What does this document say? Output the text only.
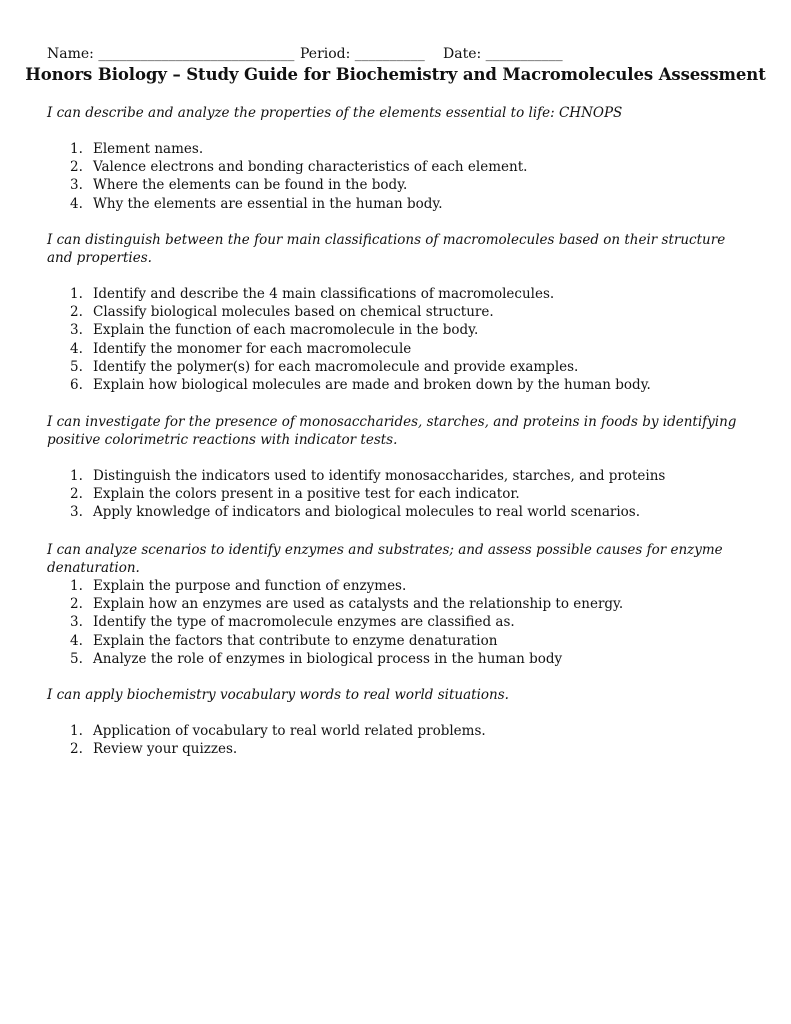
Name: ____________________________ Period: __________ Date: ___________
Honors Biology – Study Guide for Biochemistry and Macromolecules Assessment

I can describe and analyze the properties of the elements essential to life: CHNOPS

1. Element names.
2. Valence electrons and bonding characteristics of each element.
3. Where the elements can be found in the body.
4. Why the elements are essential in the human body.

I can distinguish between the four main classifications of macromolecules based on their structure and properties.

1. Identify and describe the 4 main classifications of macromolecules.
2. Classify biological molecules based on chemical structure.
3. Explain the function of each macromolecule in the body.
4. Identify the monomer for each macromolecule
5. Identify the polymer(s) for each macromolecule and provide examples.
6. Explain how biological molecules are made and broken down by the human body.

I can investigate for the presence of monosaccharides, starches, and proteins in foods by identifying positive colorimetric reactions with indicator tests.

1. Distinguish the indicators used to identify monosaccharides, starches, and proteins
2. Explain the colors present in a positive test for each indicator.
3. Apply knowledge of indicators and biological molecules to real world scenarios.

I can analyze scenarios to identify enzymes and substrates; and assess possible causes for enzyme denaturation.

1. Explain the purpose and function of enzymes.
2. Explain how an enzymes are used as catalysts and the relationship to energy.
3. Identify the type of macromolecule enzymes are classified as.
4. Explain the factors that contribute to enzyme denaturation
5. Analyze the role of enzymes in biological process in the human body

I can apply biochemistry vocabulary words to real world situations.

1. Application of vocabulary to real world related problems.
2. Review your quizzes.
